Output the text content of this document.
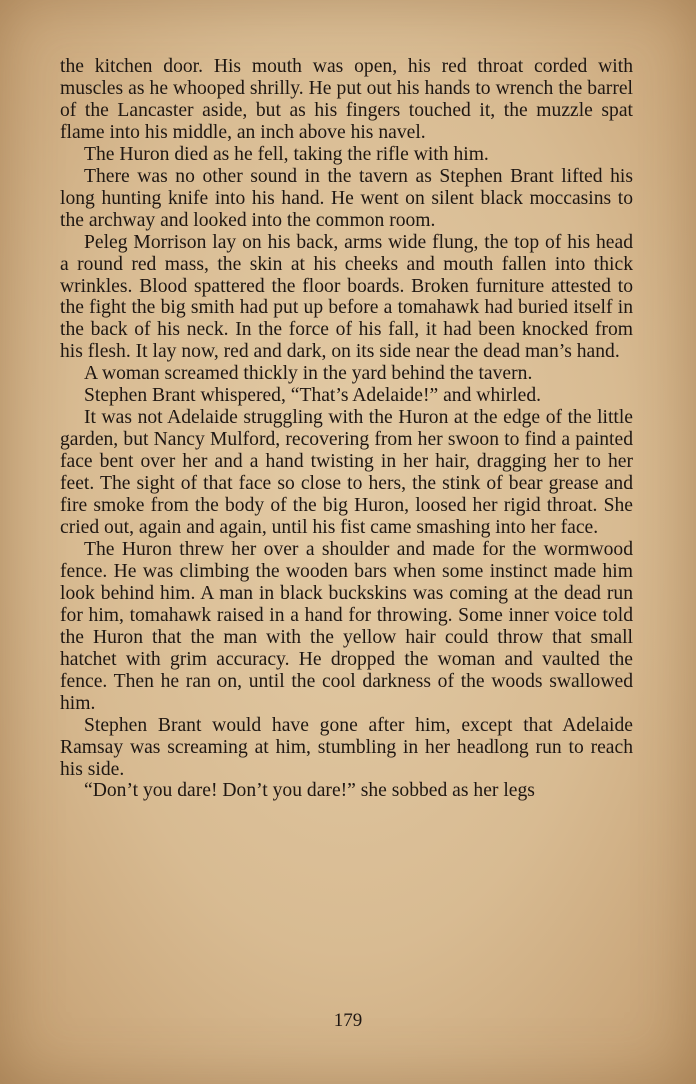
the kitchen door. His mouth was open, his red throat corded with muscles as he whooped shrilly. He put out his hands to wrench the barrel of the Lancaster aside, but as his fingers touched it, the muzzle spat flame into his middle, an inch above his navel.

The Huron died as he fell, taking the rifle with him.

There was no other sound in the tavern as Stephen Brant lifted his long hunting knife into his hand. He went on silent black moccasins to the archway and looked into the common room.

Peleg Morrison lay on his back, arms wide flung, the top of his head a round red mass, the skin at his cheeks and mouth fallen into thick wrinkles. Blood spattered the floor boards. Broken furniture attested to the fight the big smith had put up before a tomahawk had buried itself in the back of his neck. In the force of his fall, it had been knocked from his flesh. It lay now, red and dark, on its side near the dead man’s hand.

A woman screamed thickly in the yard behind the tavern.

Stephen Brant whispered, “That’s Adelaide!” and whirled.

It was not Adelaide struggling with the Huron at the edge of the little garden, but Nancy Mulford, recovering from her swoon to find a painted face bent over her and a hand twisting in her hair, dragging her to her feet. The sight of that face so close to hers, the stink of bear grease and fire smoke from the body of the big Huron, loosed her rigid throat. She cried out, again and again, until his fist came smashing into her face.

The Huron threw her over a shoulder and made for the wormwood fence. He was climbing the wooden bars when some instinct made him look behind him. A man in black buckskins was coming at the dead run for him, tomahawk raised in a hand for throwing. Some inner voice told the Huron that the man with the yellow hair could throw that small hatchet with grim accuracy. He dropped the woman and vaulted the fence. Then he ran on, until the cool darkness of the woods swallowed him.

Stephen Brant would have gone after him, except that Adelaide Ramsay was screaming at him, stumbling in her headlong run to reach his side.

“Don’t you dare! Don’t you dare!” she sobbed as her legs

179
